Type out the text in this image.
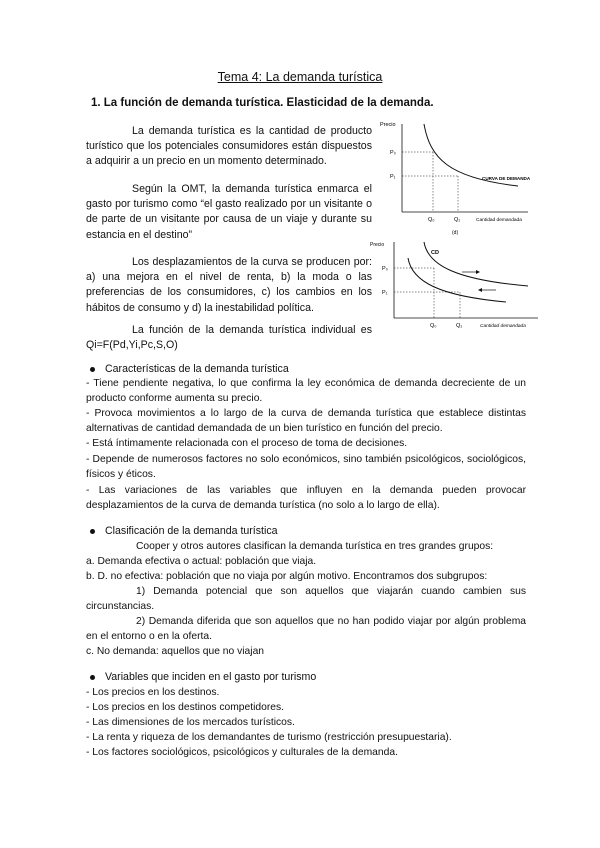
Tema 4: La demanda turística
1. La función de demanda turística. Elasticidad de la demanda.

La demanda turística es la cantidad de producto turístico que los potenciales consumidores están dispuestos a adquirir a un precio en un momento determinado.

Según la OMT, la demanda turística enmarca el gasto por turismo como “el gasto realizado por un visitante o de parte de un visitante por causa de un viaje y durante su estancia en el destino”

Los desplazamientos de la curva se producen por: a) una mejora en el nivel de renta, b) la moda o las preferencias de los consumidores, c) los cambios en los hábitos de consumo y d) la inestabilidad política.

La función de la demanda turística individual es Qi=F(Pd,Yi,Pc,S,O)

Precio
P₀
P₁
Q₀	Q₁
CURVA DE DEMANDA
Cantidad demandada
(d)
Precio
CD
P₀
P₁
Q₀	Q₁	Cantidad demandada
Características de la demanda turística

- Tiene pendiente negativa, lo que confirma la ley económica de demanda decreciente de un producto conforme aumenta su precio.

- Provoca movimientos a lo largo de la curva de demanda turística que establece distintas alternativas de cantidad demandada de un bien turístico en función del precio.

- Está íntimamente relacionada con el proceso de toma de decisiones.

- Depende de numerosos factores no solo económicos, sino también psicológicos, sociológicos, físicos y éticos.

- Las variaciones de las variables que influyen en la demanda pueden provocar desplazamientos de la curva de demanda turística (no solo a lo largo de ella).

Clasificación de la demanda turística

Cooper y otros autores clasifican la demanda turística en tres grandes grupos:

a. Demanda efectiva o actual: población que viaja.

b. D. no efectiva: población que no viaja por algún motivo. Encontramos dos subgrupos:

1) Demanda potencial que son aquellos que viajarán cuando cambien sus circunstancias.

2) Demanda diferida que son aquellos que no han podido viajar por algún problema en el entorno o en la oferta.

c. No demanda: aquellos que no viajan

Variables que inciden en el gasto por turismo

- Los precios en los destinos.

- Los precios en los destinos competidores.

- Las dimensiones de los mercados turísticos.

- La renta y riqueza de los demandantes de turismo (restricción presupuestaria).

- Los factores sociológicos, psicológicos y culturales de la demanda.
